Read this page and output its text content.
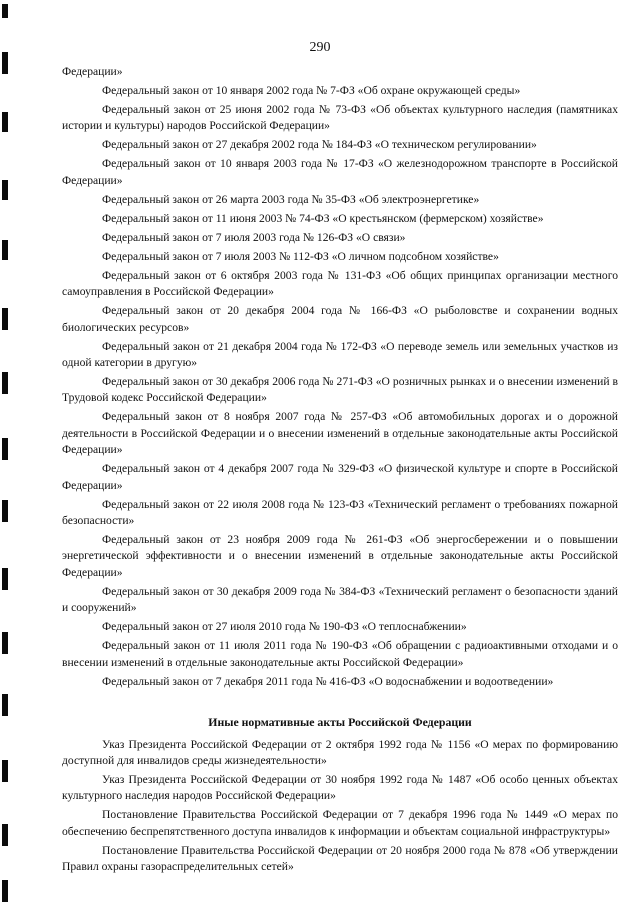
290

Федерации»

Федеральный закон от 10 января 2002 года № 7-ФЗ «Об охране окружающей среды»

Федеральный закон от 25 июня 2002 года № 73-ФЗ «Об объектах культурного наследия (памятниках истории и культуры) народов Российской Федерации»

Федеральный закон от 27 декабря 2002 года № 184-ФЗ «О техническом регулировании»

Федеральный закон от 10 января 2003 года № 17-ФЗ «О железнодорожном транспорте в Российской Федерации»

Федеральный закон от 26 марта 2003 года № 35-ФЗ «Об электроэнергетике»

Федеральный закон от 11 июня 2003 № 74-ФЗ «О крестьянском (фермерском) хозяйстве»

Федеральный закон от 7 июля 2003 года № 126-ФЗ «О связи»

Федеральный закон от 7 июля 2003 № 112-ФЗ «О личном подсобном хозяйстве»

Федеральный закон от 6 октября 2003 года № 131-ФЗ «Об общих принципах организации местного самоуправления в Российской Федерации»

Федеральный закон от 20 декабря 2004 года № 166-ФЗ «О рыболовстве и сохранении водных биологических ресурсов»

Федеральный закон от 21 декабря 2004 года № 172-ФЗ «О переводе земель или земельных участков из одной категории в другую»

Федеральный закон от 30 декабря 2006 года № 271-ФЗ «О розничных рынках и о внесении изменений в Трудовой кодекс Российской Федерации»

Федеральный закон от 8 ноября 2007 года № 257-ФЗ «Об автомобильных дорогах и о дорожной деятельности в Российской Федерации и о внесении изменений в отдельные законодательные акты Российской Федерации»

Федеральный закон от 4 декабря 2007 года № 329-ФЗ «О физической культуре и спорте в Российской Федерации»

Федеральный закон от 22 июля 2008 года № 123-ФЗ «Технический регламент о требованиях пожарной безопасности»

Федеральный закон от 23 ноября 2009 года № 261-ФЗ «Об энергосбережении и о повышении энергетической эффективности и о внесении изменений в отдельные законодательные акты Российской Федерации»

Федеральный закон от 30 декабря 2009 года № 384-ФЗ «Технический регламент о безопасности зданий и сооружений»

Федеральный закон от 27 июля 2010 года № 190-ФЗ «О теплоснабжении»

Федеральный закон от 11 июля 2011 года № 190-ФЗ «Об обращении с радиоактивными отходами и о внесении изменений в отдельные законодательные акты Российской Федерации»

Федеральный закон от 7 декабря 2011 года № 416-ФЗ «О водоснабжении и водоотведении»

Иные нормативные акты Российской Федерации

Указ Президента Российской Федерации от 2 октября 1992 года № 1156 «О мерах по формированию доступной для инвалидов среды жизнедеятельности»

Указ Президента Российской Федерации от 30 ноября 1992 года № 1487 «Об особо ценных объектах культурного наследия народов Российской Федерации»

Постановление Правительства Российской Федерации от 7 декабря 1996 года № 1449 «О мерах по обеспечению беспрепятственного доступа инвалидов к информации и объектам социальной инфраструктуры»

Постановление Правительства Российской Федерации от 20 ноября 2000 года № 878 «Об утверждении Правил охраны газораспределительных сетей»
